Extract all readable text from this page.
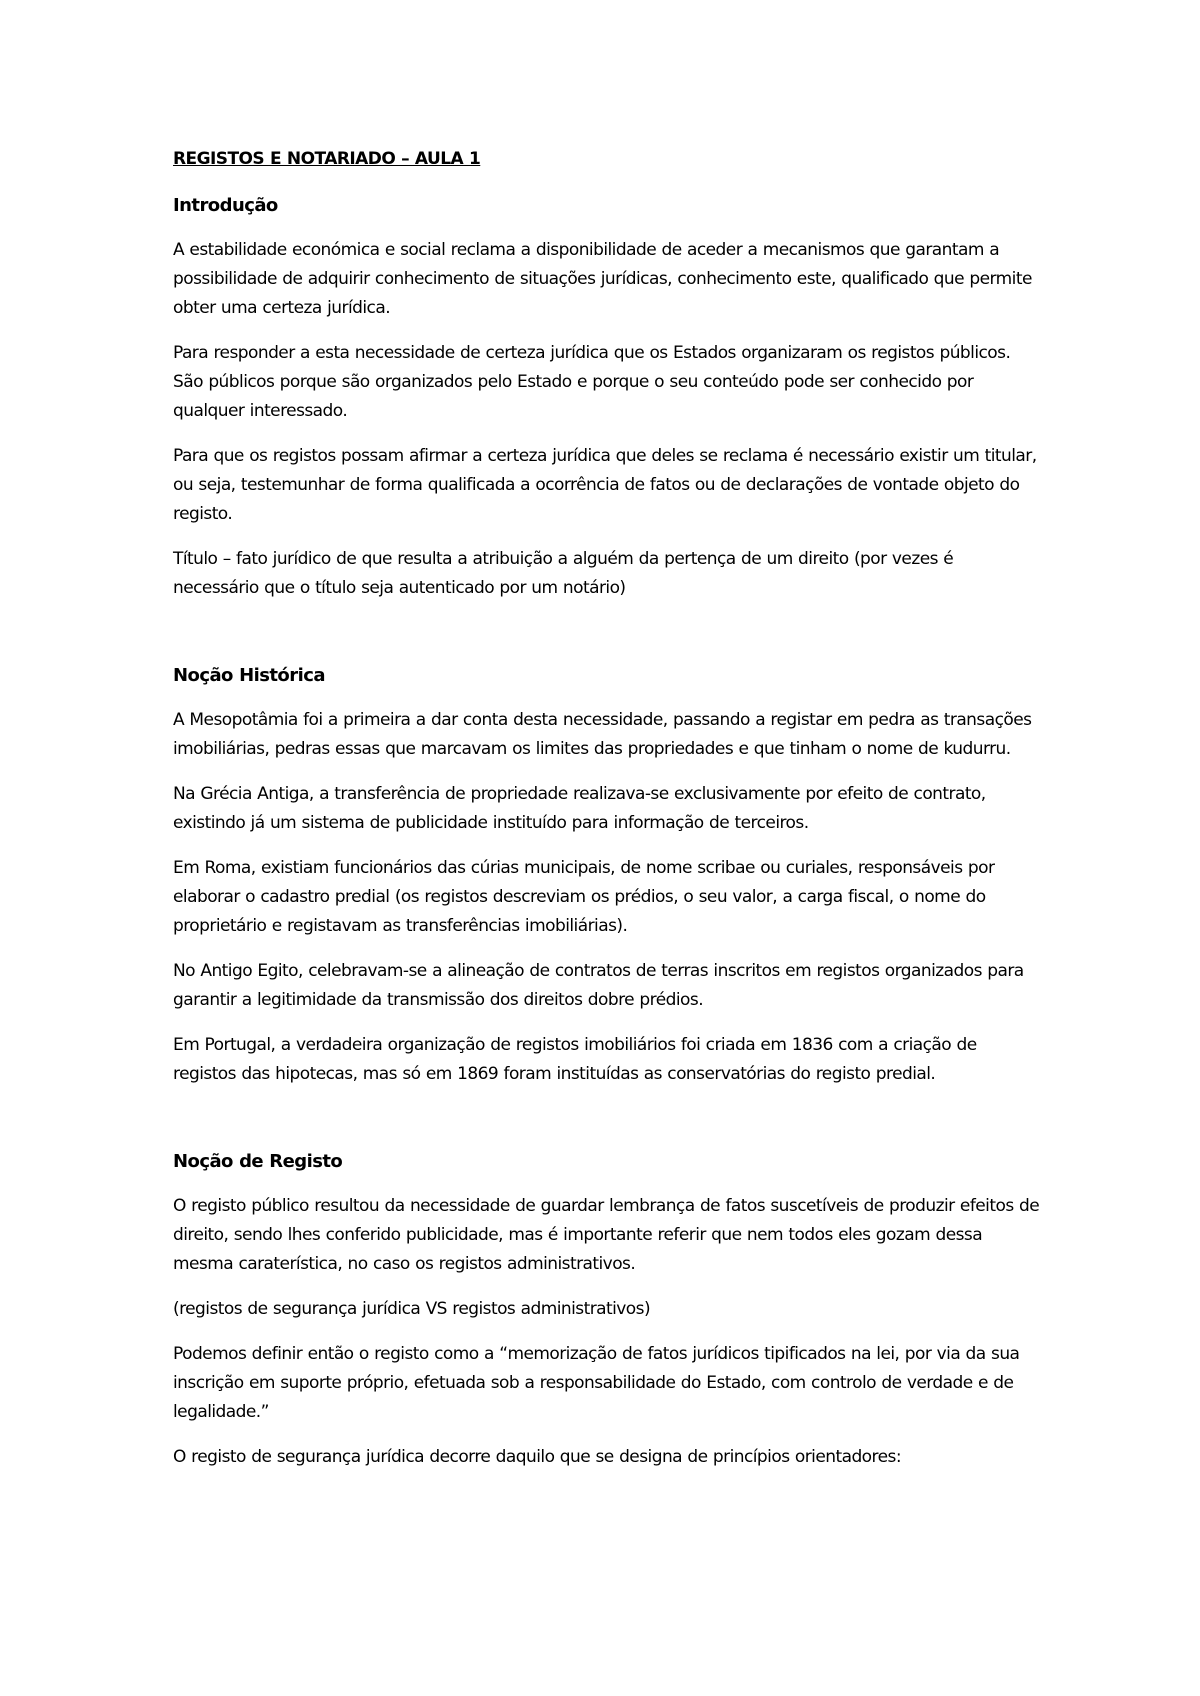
REGISTOS E NOTARIADO – AULA 1
Introdução

A estabilidade económica e social reclama a disponibilidade de aceder a mecanismos que garantam a possibilidade de adquirir conhecimento de situações jurídicas, conhecimento este, qualificado que permite obter uma certeza jurídica.

Para responder a esta necessidade de certeza jurídica que os Estados organizaram os registos públicos. São públicos porque são organizados pelo Estado e porque o seu conteúdo pode ser conhecido por qualquer interessado.

Para que os registos possam afirmar a certeza jurídica que deles se reclama é necessário existir um titular, ou seja, testemunhar de forma qualificada a ocorrência de fatos ou de declarações de vontade objeto do registo.

Título – fato jurídico de que resulta a atribuição a alguém da pertença de um direito (por vezes é necessário que o título seja autenticado por um notário)

Noção Histórica

A Mesopotâmia foi a primeira a dar conta desta necessidade, passando a registar em pedra as transações imobiliárias, pedras essas que marcavam os limites das propriedades e que tinham o nome de kudurru.

Na Grécia Antiga, a transferência de propriedade realizava-se exclusivamente por efeito de contrato, existindo já um sistema de publicidade instituído para informação de terceiros.

Em Roma, existiam funcionários das cúrias municipais, de nome scribae ou curiales, responsáveis por elaborar o cadastro predial (os registos descreviam os prédios, o seu valor, a carga fiscal, o nome do proprietário e registavam as transferências imobiliárias).

No Antigo Egito, celebravam-se a alineação de contratos de terras inscritos em registos organizados para garantir a legitimidade da transmissão dos direitos dobre prédios.

Em Portugal, a verdadeira organização de registos imobiliários foi criada em 1836 com a criação de registos das hipotecas, mas só em 1869 foram instituídas as conservatórias do registo predial.

Noção de Registo

O registo público resultou da necessidade de guardar lembrança de fatos suscetíveis de produzir efeitos de direito, sendo lhes conferido publicidade, mas é importante referir que nem todos eles gozam dessa mesma caraterística, no caso os registos administrativos.

(registos de segurança jurídica VS registos administrativos)

Podemos definir então o registo como a “memorização de fatos jurídicos tipificados na lei, por via da sua inscrição em suporte próprio, efetuada sob a responsabilidade do Estado, com controlo de verdade e de legalidade.”

O registo de segurança jurídica decorre daquilo que se designa de princípios orientadores:
